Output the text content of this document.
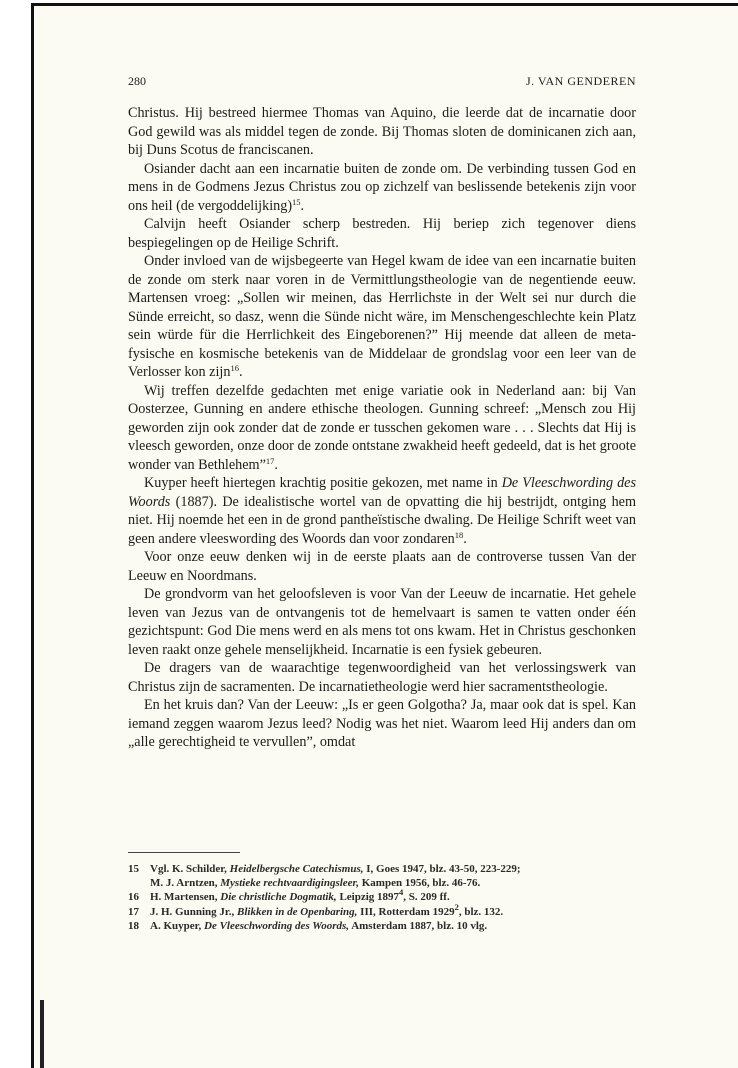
280	J. VAN GENDEREN

Christus. Hij bestreed hiermee Thomas van Aquino, die leerde dat de incarnatie door God gewild was als middel tegen de zonde. Bij Thomas sloten de dominicanen zich aan, bij Duns Scotus de franciscanen.

Osiander dacht aan een incarnatie buiten de zonde om. De verbinding tussen God en mens in de Godmens Jezus Christus zou op zichzelf van beslissende betekenis zijn voor ons heil (de vergoddelijking)$^{15}$.

Calvijn heeft Osiander scherp bestreden. Hij beriep zich tegenover diens bespiegelingen op de Heilige Schrift.

Onder invloed van de wijsbegeerte van Hegel kwam de idee van een incarnatie buiten de zonde om sterk naar voren in de Vermittlungstheologie van de negentiende eeuw. Martensen vroeg: „Sollen wir meinen, das Herrlichste in der Welt sei nur durch die Sünde erreicht, so dasz, wenn die Sünde nicht wäre, im Menschengeschlechte kein Platz sein würde für die Herrlichkeit des Eingeborenen?” Hij meende dat alleen de metafysische en kosmische betekenis van de Middelaar de grondslag voor een leer van de Verlosser kon zijn$^{16}$.

Wij treffen dezelfde gedachten met enige variatie ook in Nederland aan: bij Van Oosterzee, Gunning en andere ethische theologen. Gunning schreef: „Mensch zou Hij geworden zijn ook zonder dat de zonde er tusschen gekomen ware . . . Slechts dat Hij is vleesch geworden, onze door de zonde ontstane zwakheid heeft gedeeld, dat is het groote wonder van Bethlehem”$^{17}$.

Kuyper heeft hiertegen krachtig positie gekozen, met name in De Vleeschwording des Woords (1887). De idealistische wortel van de opvatting die hij bestrijdt, ontging hem niet. Hij noemde het een in de grond pantheïstische dwaling. De Heilige Schrift weet van geen andere vleeswording des Woords dan voor zondaren$^{18}$.

Voor onze eeuw denken wij in de eerste plaats aan de controverse tussen Van der Leeuw en Noordmans.

De grondvorm van het geloofsleven is voor Van der Leeuw de incarnatie. Het gehele leven van Jezus van de ontvangenis tot de hemelvaart is samen te vatten onder één gezichtspunt: God Die mens werd en als mens tot ons kwam. Het in Christus geschonken leven raakt onze gehele menselijkheid. Incarnatie is een fysiek gebeuren.

De dragers van de waarachtige tegenwoordigheid van het verlossingswerk van Christus zijn de sacramenten. De incarnatietheologie werd hier sacramentstheologie.

En het kruis dan? Van der Leeuw: „Is er geen Golgotha? Ja, maar ook dat is spel. Kan iemand zeggen waarom Jezus leed? Nodig was het niet. Waarom leed Hij anders dan om „alle gerechtigheid te vervullen”, omdat

15	Vgl. K. Schilder, Heidelbergsche Catechismus, I, Goes 1947, blz. 43-50, 223-229;
M. J. Arntzen, Mystieke rechtvaardigingsleer, Kampen 1956, blz. 46-76.
16	H. Martensen, Die christliche Dogmatik, Leipzig 1897$^4$, S. 209 ff.
17	J. H. Gunning Jr., Blikken in de Openbaring, III, Rotterdam 1929$^2$, blz. 132.
18	A. Kuyper, De Vleeschwording des Woords, Amsterdam 1887, blz. 10 vlg.
